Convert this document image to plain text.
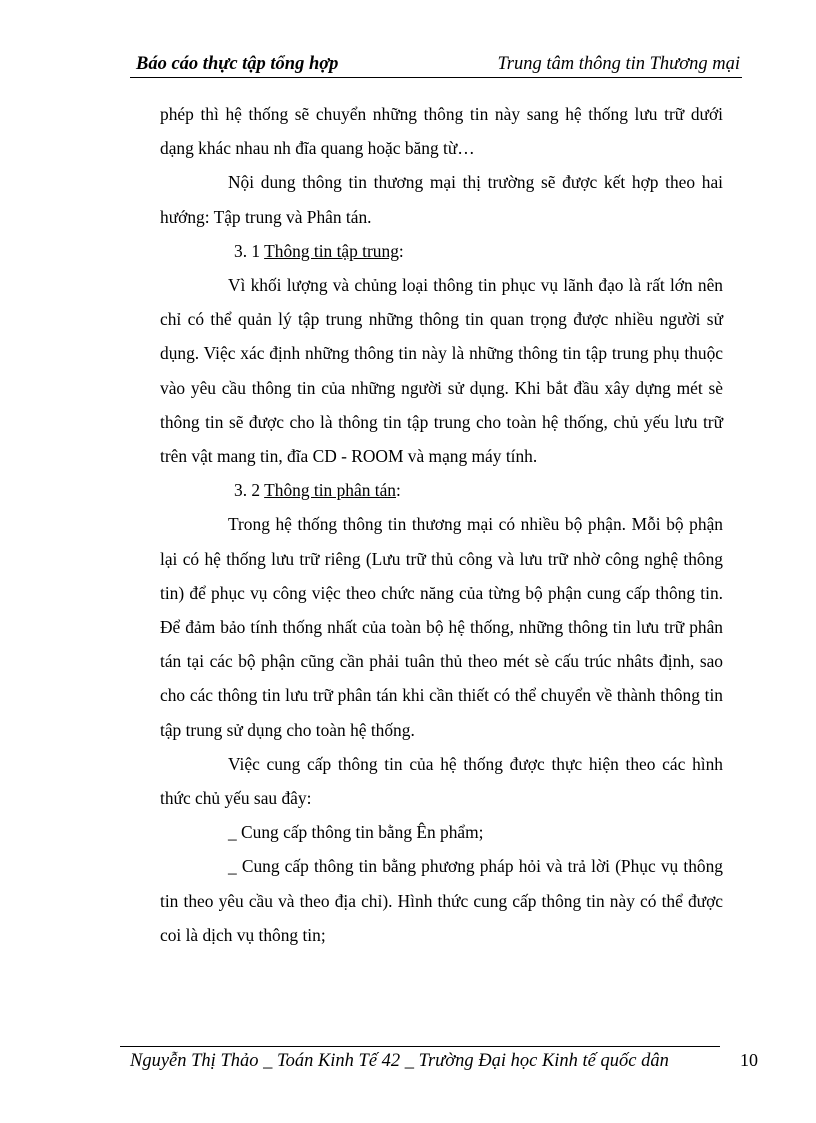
Báo cáo thực tập tổng hợp	Trung tâm thông tin Thương mại

phép thì hệ thống sẽ chuyển những thông tin này sang hệ thống lưu trữ dưới dạng khác nhau nh đĩa quang hoặc băng từ…

Nội dung thông tin thương mại thị trường sẽ được kết hợp theo hai hướng: Tập trung và Phân tán.

3. 1 Thông tin tập trung:

Vì khối lượng và chủng loại thông tin phục vụ lãnh đạo là rất lớn nên chỉ có thể quản lý tập trung những thông tin quan trọng được nhiều người sử dụng. Việc xác định những thông tin này là những thông tin tập trung phụ thuộc vào yêu cầu thông tin của những người sử dụng. Khi bắt đầu xây dựng mét sè thông tin sẽ được cho là thông tin tập trung cho toàn hệ thống, chủ yếu lưu trữ trên vật mang tin, đĩa CD - ROOM và mạng máy tính.

3. 2 Thông tin phân tán:

Trong hệ thống thông tin thương mại có nhiều bộ phận. Mỗi bộ phận lại có hệ thống lưu trữ riêng (Lưu trữ thủ công và lưu trữ nhờ công nghệ thông tin) để phục vụ công việc theo chức năng của từng bộ phận cung cấp thông tin. Để đảm bảo tính thống nhất của toàn bộ hệ thống, những thông tin lưu trữ phân tán tại các bộ phận cũng cần phải tuân thủ theo mét sè cấu trúc nhâts định, sao cho các thông tin lưu trữ phân tán khi cần thiết có thể chuyển về thành thông tin tập trung sử dụng cho toàn hệ thống.

Việc cung cấp thông tin của hệ thống được thực hiện theo các hình thức chủ yếu sau đây:

_ Cung cấp thông tin bằng Ên phẩm;

_ Cung cấp thông tin bằng phương pháp hỏi và trả lời (Phục vụ thông tin theo yêu cầu và theo địa chỉ). Hình thức cung cấp thông tin này có thể được coi là dịch vụ thông tin;

Nguyễn Thị Thảo _ Toán Kinh Tế 42 _ Trường Đại học Kinh tế quốc dân	10
